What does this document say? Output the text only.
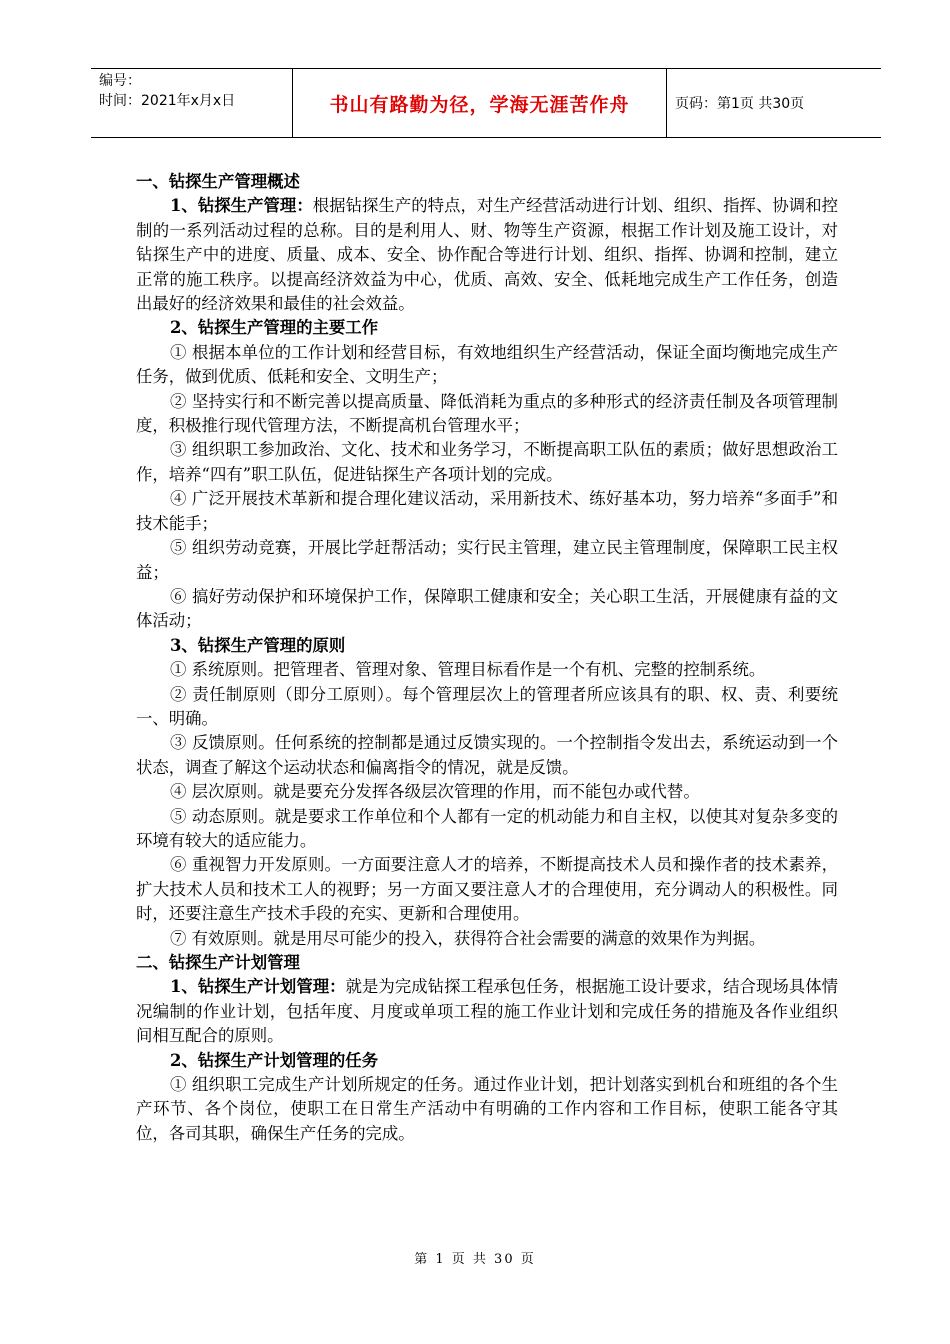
编号：
时间：2021年x月x日	书山有路勤为径，学海无涯苦作舟	页码：第1页 共30页

一、钻探生产管理概述

1、钻探生产管理：根据钻探生产的特点，对生产经营活动进行计划、组织、指挥、协调和控制的一系列活动过程的总称。目的是利用人、财、物等生产资源，根据工作计划及施工设计，对钻探生产中的进度、质量、成本、安全、协作配合等进行计划、组织、指挥、协调和控制，建立正常的施工秩序。以提高经济效益为中心，优质、高效、安全、低耗地完成生产工作任务，创造出最好的经济效果和最佳的社会效益。

2、钻探生产管理的主要工作

① 根据本单位的工作计划和经营目标，有效地组织生产经营活动，保证全面均衡地完成生产任务，做到优质、低耗和安全、文明生产；

② 坚持实行和不断完善以提高质量、降低消耗为重点的多种形式的经济责任制及各项管理制度，积极推行现代管理方法，不断提高机台管理水平；

③ 组织职工参加政治、文化、技术和业务学习，不断提高职工队伍的素质；做好思想政治工作，培养“四有”职工队伍，促进钻探生产各项计划的完成。

④ 广泛开展技术革新和提合理化建议活动，采用新技术、练好基本功，努力培养“多面手”和技术能手；

⑤ 组织劳动竞赛，开展比学赶帮活动；实行民主管理，建立民主管理制度，保障职工民主权益；

⑥ 搞好劳动保护和环境保护工作，保障职工健康和安全；关心职工生活，开展健康有益的文体活动；

3、钻探生产管理的原则

① 系统原则。把管理者、管理对象、管理目标看作是一个有机、完整的控制系统。

② 责任制原则（即分工原则）。每个管理层次上的管理者所应该具有的职、权、责、利要统一、明确。

③ 反馈原则。任何系统的控制都是通过反馈实现的。一个控制指令发出去，系统运动到一个状态，调查了解这个运动状态和偏离指令的情况，就是反馈。

④ 层次原则。就是要充分发挥各级层次管理的作用，而不能包办或代替。

⑤ 动态原则。就是要求工作单位和个人都有一定的机动能力和自主权，以使其对复杂多变的环境有较大的适应能力。

⑥ 重视智力开发原则。一方面要注意人才的培养，不断提高技术人员和操作者的技术素养，扩大技术人员和技术工人的视野；另一方面又要注意人才的合理使用，充分调动人的积极性。同时，还要注意生产技术手段的充实、更新和合理使用。

⑦ 有效原则。就是用尽可能少的投入，获得符合社会需要的满意的效果作为判据。

二、钻探生产计划管理

1、钻探生产计划管理：就是为完成钻探工程承包任务，根据施工设计要求，结合现场具体情况编制的作业计划，包括年度、月度或单项工程的施工作业计划和完成任务的措施及各作业组织间相互配合的原则。

2、钻探生产计划管理的任务

① 组织职工完成生产计划所规定的任务。通过作业计划，把计划落实到机台和班组的各个生产环节、各个岗位，使职工在日常生产活动中有明确的工作内容和工作目标，使职工能各守其位，各司其职，确保生产任务的完成。

第 1 页 共 30 页
